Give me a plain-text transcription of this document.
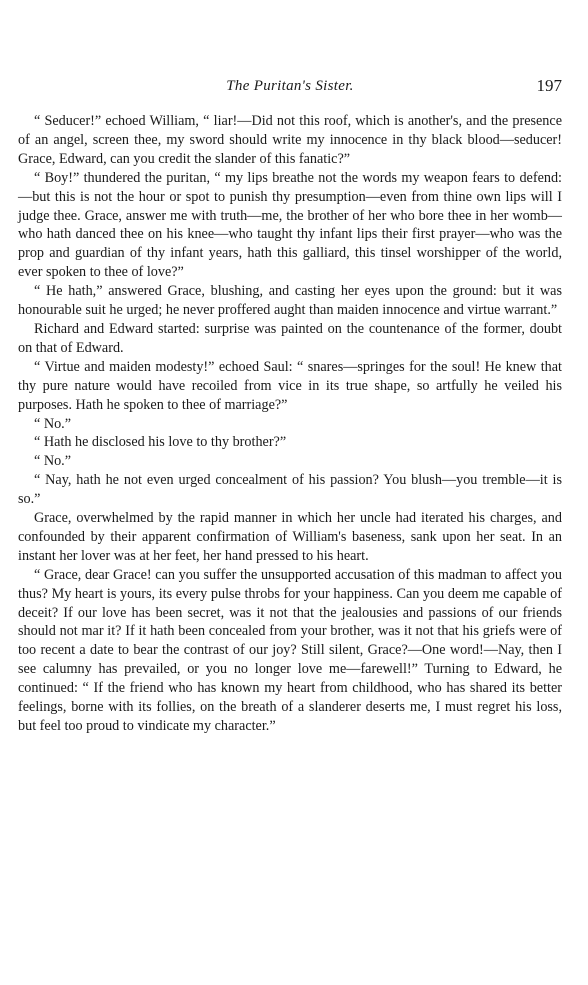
The Puritan's Sister.	197

“ Seducer!” echoed William, “ liar!—Did not this roof, which is another's, and the presence of an angel, screen thee, my sword should write my innocence in thy black blood—seducer! Grace, Edward, can you credit the slander of this fanatic?”

“ Boy!” thundered the puritan, “ my lips breathe not the words my weapon fears to defend:—but this is not the hour or spot to punish thy presumption—even from thine own lips will I judge thee. Grace, answer me with truth—me, the brother of her who bore thee in her womb—who hath danced thee on his knee—who taught thy infant lips their first prayer—who was the prop and guardian of thy infant years, hath this galliard, this tinsel worshipper of the world, ever spoken to thee of love?”

“ He hath,” answered Grace, blushing, and casting her eyes upon the ground: but it was honourable suit he urged; he never proffered aught than maiden innocence and virtue warrant.”

Richard and Edward started: surprise was painted on the countenance of the former, doubt on that of Edward.

“ Virtue and maiden modesty!” echoed Saul: “ snares—springes for the soul! He knew that thy pure nature would have recoiled from vice in its true shape, so artfully he veiled his purposes. Hath he spoken to thee of marriage?”

“ No.”

“ Hath he disclosed his love to thy brother?”

“ No.”

“ Nay, hath he not even urged concealment of his passion? You blush—you tremble—it is so.”

Grace, overwhelmed by the rapid manner in which her uncle had iterated his charges, and confounded by their apparent confirmation of William's baseness, sank upon her seat. In an instant her lover was at her feet, her hand pressed to his heart.

“ Grace, dear Grace! can you suffer the unsupported accusation of this madman to affect you thus? My heart is yours, its every pulse throbs for your happiness. Can you deem me capable of deceit? If our love has been secret, was it not that the jealousies and passions of our friends should not mar it? If it hath been concealed from your brother, was it not that his griefs were of too recent a date to bear the contrast of our joy? Still silent, Grace?—One word!—Nay, then I see calumny has prevailed, or you no longer love me—farewell!” Turning to Edward, he continued: “ If the friend who has known my heart from childhood, who has shared its better feelings, borne with its follies, on the breath of a slanderer deserts me, I must regret his loss, but feel too proud to vindicate my character.”
